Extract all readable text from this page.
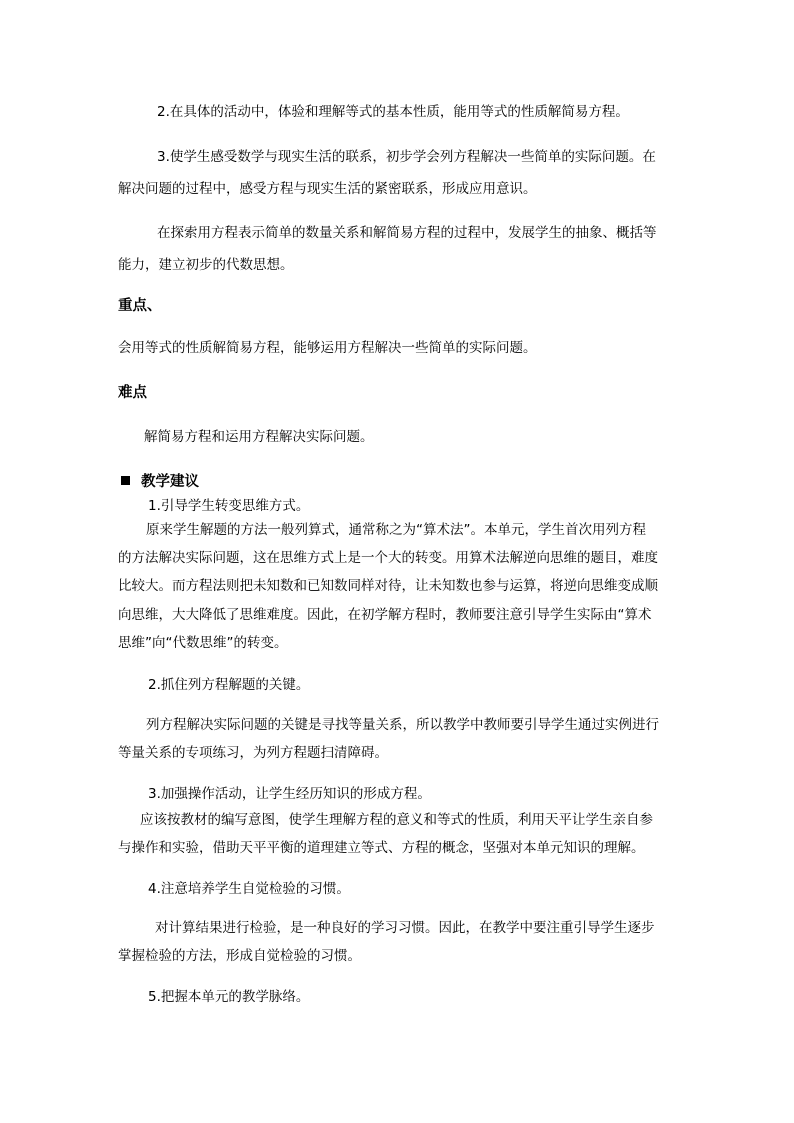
2.在具体的活动中，体验和理解等式的基本性质，能用等式的性质解简易方程。

3.使学生感受数学与现实生活的联系，初步学会列方程解决一些简单的实际问题。在

解决问题的过程中，感受方程与现实生活的紧密联系，形成应用意识。

在探索用方程表示简单的数量关系和解简易方程的过程中，发展学生的抽象、概括等

能力，建立初步的代数思想。

重点、

会用等式的性质解简易方程，能够运用方程解决一些简单的实际问题。

难点

解简易方程和运用方程解决实际问题。

教学建议

1.引导学生转变思维方式。

原来学生解题的方法一般列算式，通常称之为“算术法”。本单元，学生首次用列方程

的方法解决实际问题，这在思维方式上是一个大的转变。用算术法解逆向思维的题目，难度

比较大。而方程法则把未知数和已知数同样对待，让未知数也参与运算，将逆向思维变成顺

向思维，大大降低了思维难度。因此，在初学解方程时，教师要注意引导学生实际由“算术

思维”向“代数思维”的转变。

2.抓住列方程解题的关键。

列方程解决实际问题的关键是寻找等量关系，所以教学中教师要引导学生通过实例进行

等量关系的专项练习，为列方程题扫清障碍。

3.加强操作活动，让学生经历知识的形成方程。

应该按教材的编写意图，使学生理解方程的意义和等式的性质，利用天平让学生亲自参

与操作和实验，借助天平平衡的道理建立等式、方程的概念，坚强对本单元知识的理解。

4.注意培养学生自觉检验的习惯。

对计算结果进行检验，是一种良好的学习习惯。因此，在教学中要注重引导学生逐步

掌握检验的方法，形成自觉检验的习惯。

5.把握本单元的教学脉络。
